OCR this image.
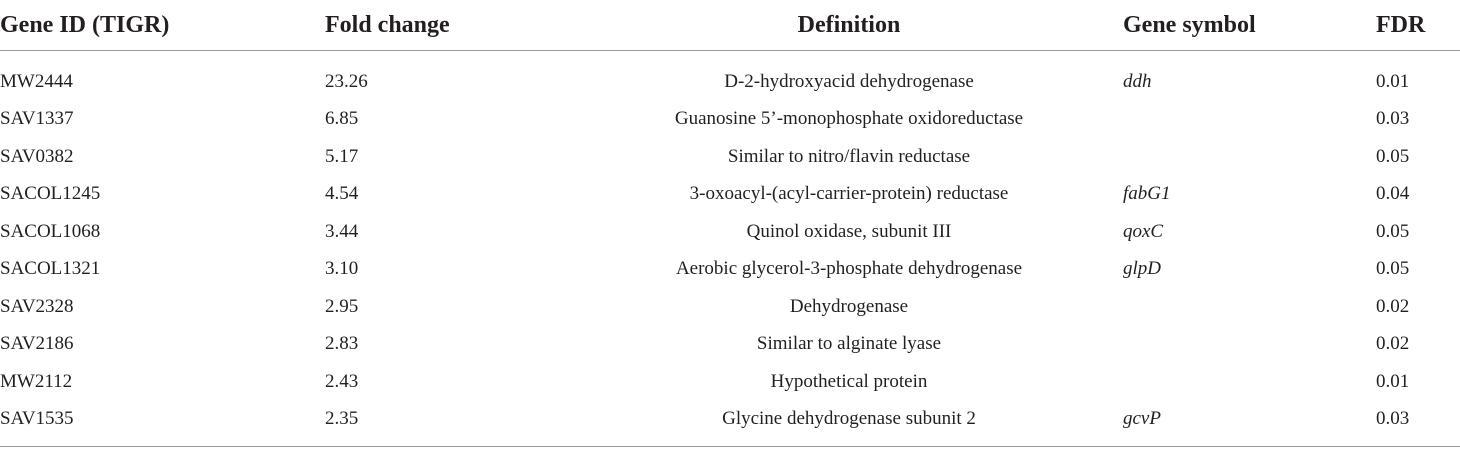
Gene ID (TIGR)	Fold change	Definition	Gene symbol	FDR
MW2444	23.26	D-2-hydroxyacid dehydrogenase	ddh	0.01
SAV1337	6.85	Guanosine 5’-monophosphate oxidoreductase		0.03
SAV0382	5.17	Similar to nitro/flavin reductase		0.05
SACOL1245	4.54	3-oxoacyl-(acyl-carrier-protein) reductase	fabG1	0.04
SACOL1068	3.44	Quinol oxidase, subunit III	qoxC	0.05
SACOL1321	3.10	Aerobic glycerol-3-phosphate dehydrogenase	glpD	0.05
SAV2328	2.95	Dehydrogenase		0.02
SAV2186	2.83	Similar to alginate lyase		0.02
MW2112	2.43	Hypothetical protein		0.01
SAV1535	2.35	Glycine dehydrogenase subunit 2	gcvP	0.03
